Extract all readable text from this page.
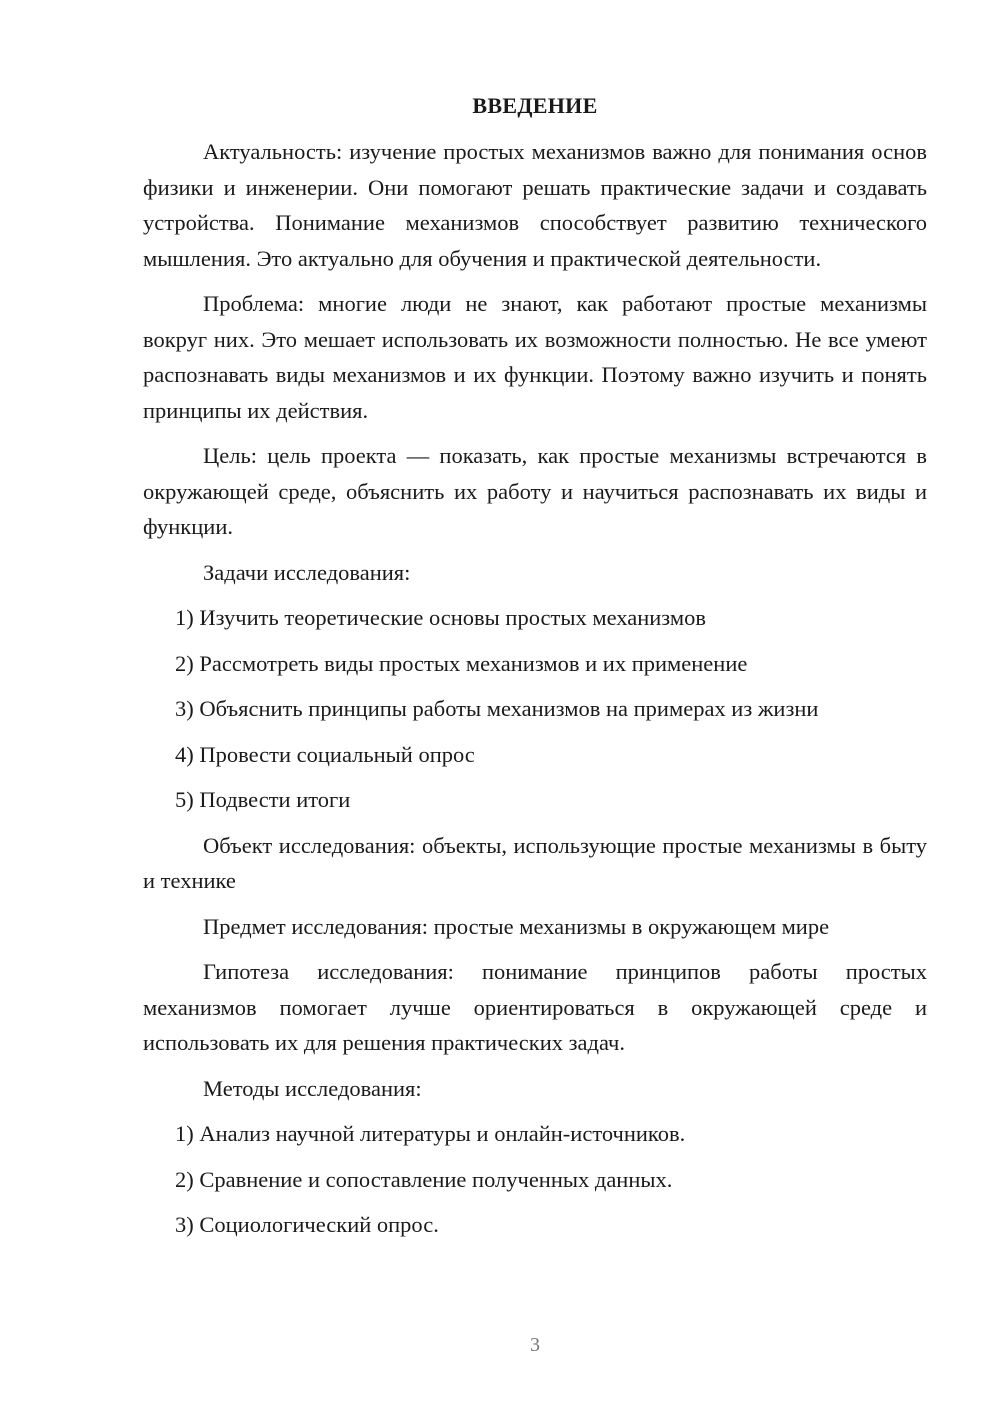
ВВЕДЕНИЕ

Актуальность: изучение простых механизмов важно для понимания основ физики и инженерии. Они помогают решать практические задачи и создавать устройства. Понимание механизмов способствует развитию технического мышления. Это актуально для обучения и практической деятельности.

Проблема: многие люди не знают, как работают простые механизмы вокруг них. Это мешает использовать их возможности полностью. Не все умеют распознавать виды механизмов и их функции. Поэтому важно изучить и понять принципы их действия.

Цель: цель проекта — показать, как простые механизмы встречаются в окружающей среде, объяснить их работу и научиться распознавать их виды и функции.

Задачи исследования:
1) Изучить теоретические основы простых механизмов
2) Рассмотреть виды простых механизмов и их применение
3) Объяснить принципы работы механизмов на примерах из жизни
4) Провести социальный опрос
5) Подвести итоги

Объект исследования: объекты, использующие простые механизмы в быту и технике

Предмет исследования: простые механизмы в окружающем мире

Гипотеза исследования: понимание принципов работы простых механизмов помогает лучше ориентироваться в окружающей среде и использовать их для решения практических задач.

Методы исследования:
1) Анализ научной литературы и онлайн-источников.
2) Сравнение и сопоставление полученных данных.
3) Социологический опрос.
3
